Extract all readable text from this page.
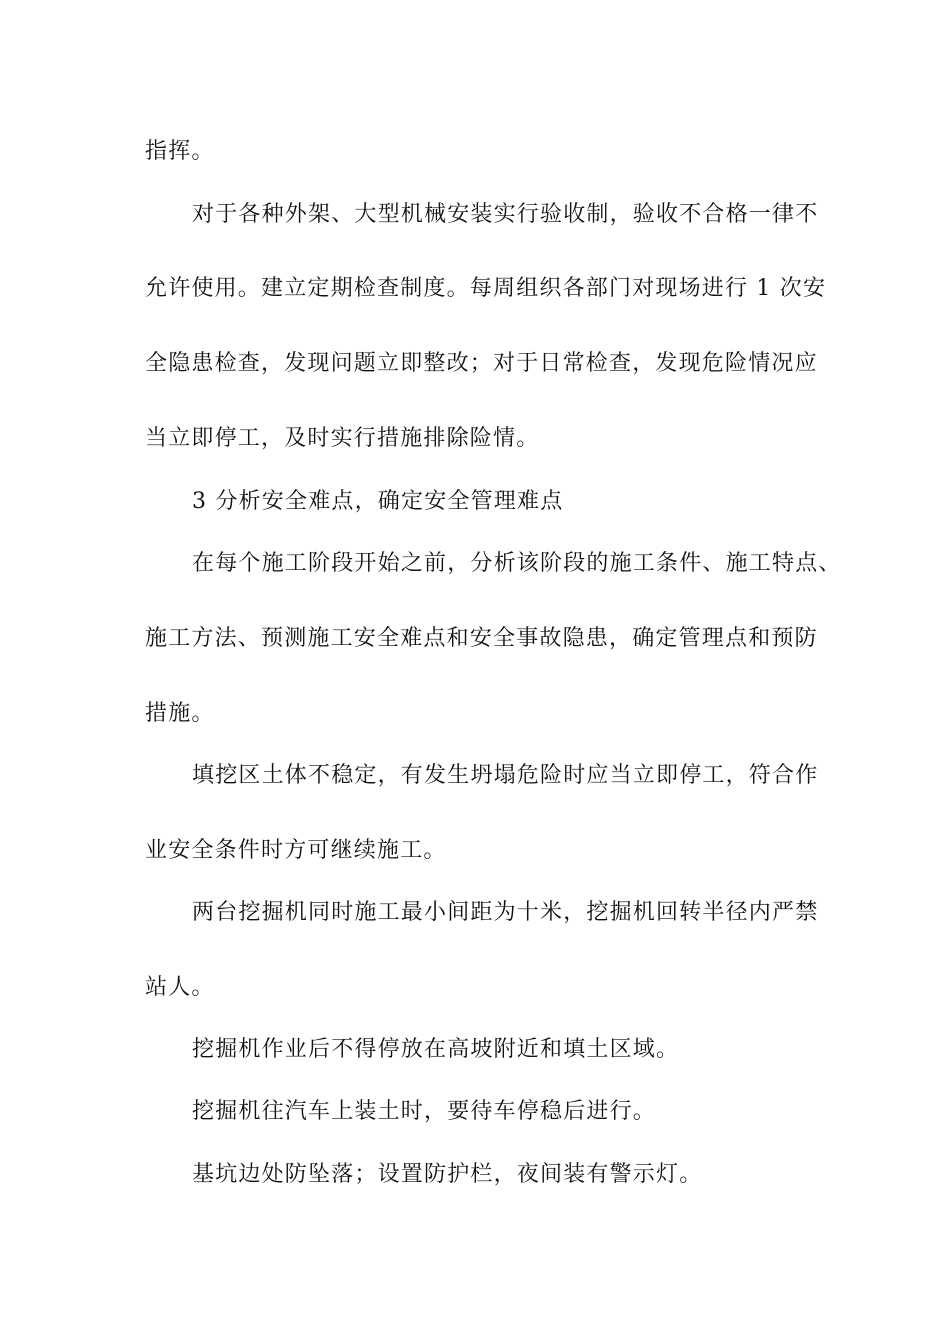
指挥。
对于各种外架、大型机械安装实行验收制，验收不合格一律不
允许使用。建立定期检查制度。每周组织各部门对现场进行 1 次安
全隐患检查，发现问题立即整改；对于日常检查，发现危险情况应
当立即停工，及时实行措施排除险情。
3 分析安全难点，确定安全管理难点
在每个施工阶段开始之前，分析该阶段的施工条件、施工特点、
施工方法、预测施工安全难点和安全事故隐患，确定管理点和预防
措施。
填挖区土体不稳定，有发生坍塌危险时应当立即停工，符合作
业安全条件时方可继续施工。
两台挖掘机同时施工最小间距为十米，挖掘机回转半径内严禁
站人。
挖掘机作业后不得停放在高坡附近和填土区域。
挖掘机往汽车上装土时，要待车停稳后进行。
基坑边处防坠落；设置防护栏，夜间装有警示灯。
